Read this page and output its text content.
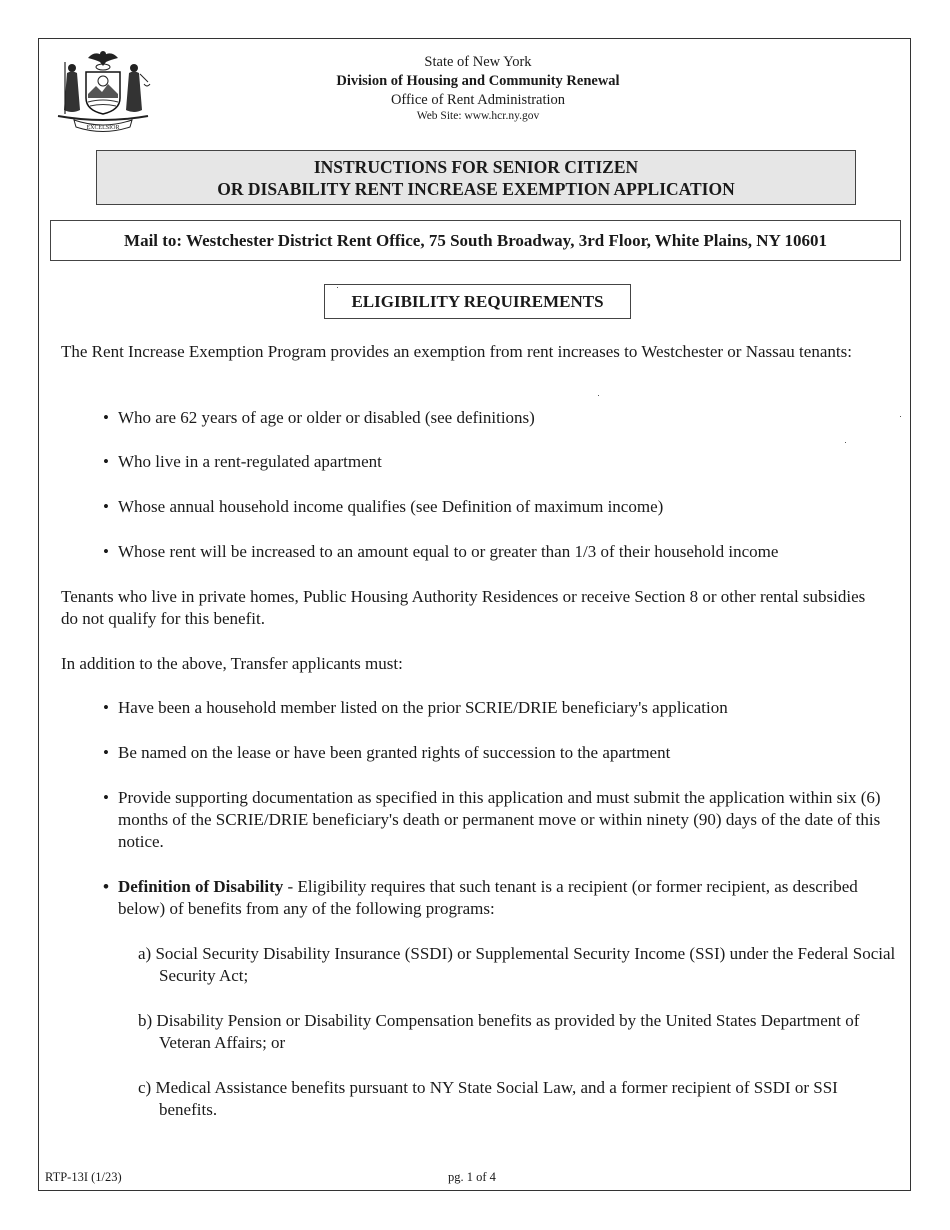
EXCELSIOR
State of New York
Division of Housing and Community Renewal
Office of Rent Administration
Web Site: www.hcr.ny.gov
INSTRUCTIONS FOR SENIOR CITIZEN
OR DISABILITY RENT INCREASE EXEMPTION APPLICATION
Mail to: Westchester District Rent Office, 75 South Broadway, 3rd Floor, White Plains, NY 10601
ELIGIBILITY REQUIREMENTS
The Rent Increase Exemption Program provides an exemption from rent increases to Westchester or Nassau tenants:
• Who are 62 years of age or older or disabled (see definitions)
• Who live in a rent-regulated apartment
• Whose annual household income qualifies (see Definition of maximum income)
• Whose rent will be increased to an amount equal to or greater than 1/3 of their household income
Tenants who live in private homes, Public Housing Authority Residences or receive Section 8 or other rental subsidies do not qualify for this benefit.
In addition to the above, Transfer applicants must:
• Have been a household member listed on the prior SCRIE/DRIE beneficiary's application
• Be named on the lease or have been granted rights of succession to the apartment
• Provide supporting documentation as specified in this application and must submit the application within six (6) months of the SCRIE/DRIE beneficiary's death or permanent move or within ninety (90) days of the date of this notice.
• Definition of Disability - Eligibility requires that such tenant is a recipient (or former recipient, as described below) of benefits from any of the following programs:
a) Social Security Disability Insurance (SSDI) or Supplemental Security Income (SSI) under the Federal Social Security Act;
b) Disability Pension or Disability Compensation benefits as provided by the United States Department of Veteran Affairs; or
c) Medical Assistance benefits pursuant to NY State Social Law, and a former recipient of SSDI or SSI benefits.
RTP-13I (1/23)	pg. 1 of 4
